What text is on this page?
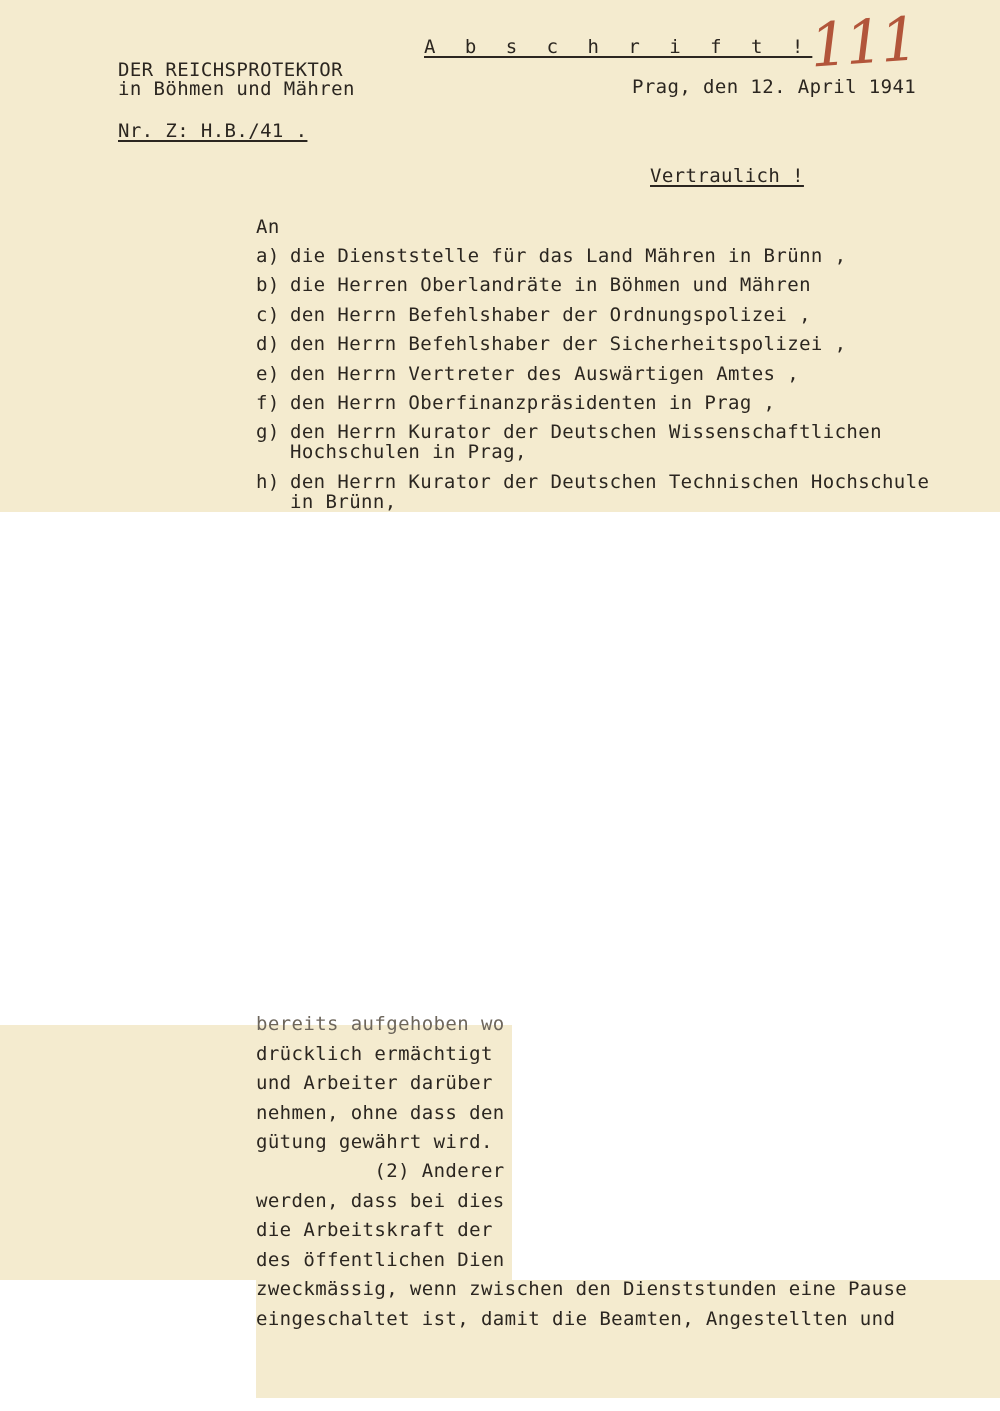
A b s c h r i f t !
111
DER REICHSPROTEKTOR
in Böhmen und Mähren	Prag, den 12. April 1941
Nr. Z: H.B./41 .
Vertraulich !
An
a) die Dienststelle für das Land Mähren in Brünn ,
b) die Herren Oberlandräte in Böhmen und Mähren
c) den Herrn Befehlshaber der Ordnungspolizei ,
d) den Herrn Befehlshaber der Sicherheitspolizei ,
e) den Herrn Vertreter des Auswärtigen Amtes ,
f) den Herrn Oberfinanzpräsidenten in Prag ,
g) den Herrn Kurator der Deutschen Wissenschaftlichen
Hochschulen in Prag,
h) den Herrn Kurator der Deutschen Technischen Hochschule
in Brünn,
bereits aufgehoben wo
drücklich ermächtigt
und Arbeiter darüber
nehmen, ohne dass den
gütung gewährt wird.
(2) Anderer
werden, dass bei dies
die Arbeitskraft der
des öffentlichen Dien
zweckmässig, wenn zwischen den Dienststunden eine Pause
eingeschaltet ist, damit die Beamten, Angestellten und
